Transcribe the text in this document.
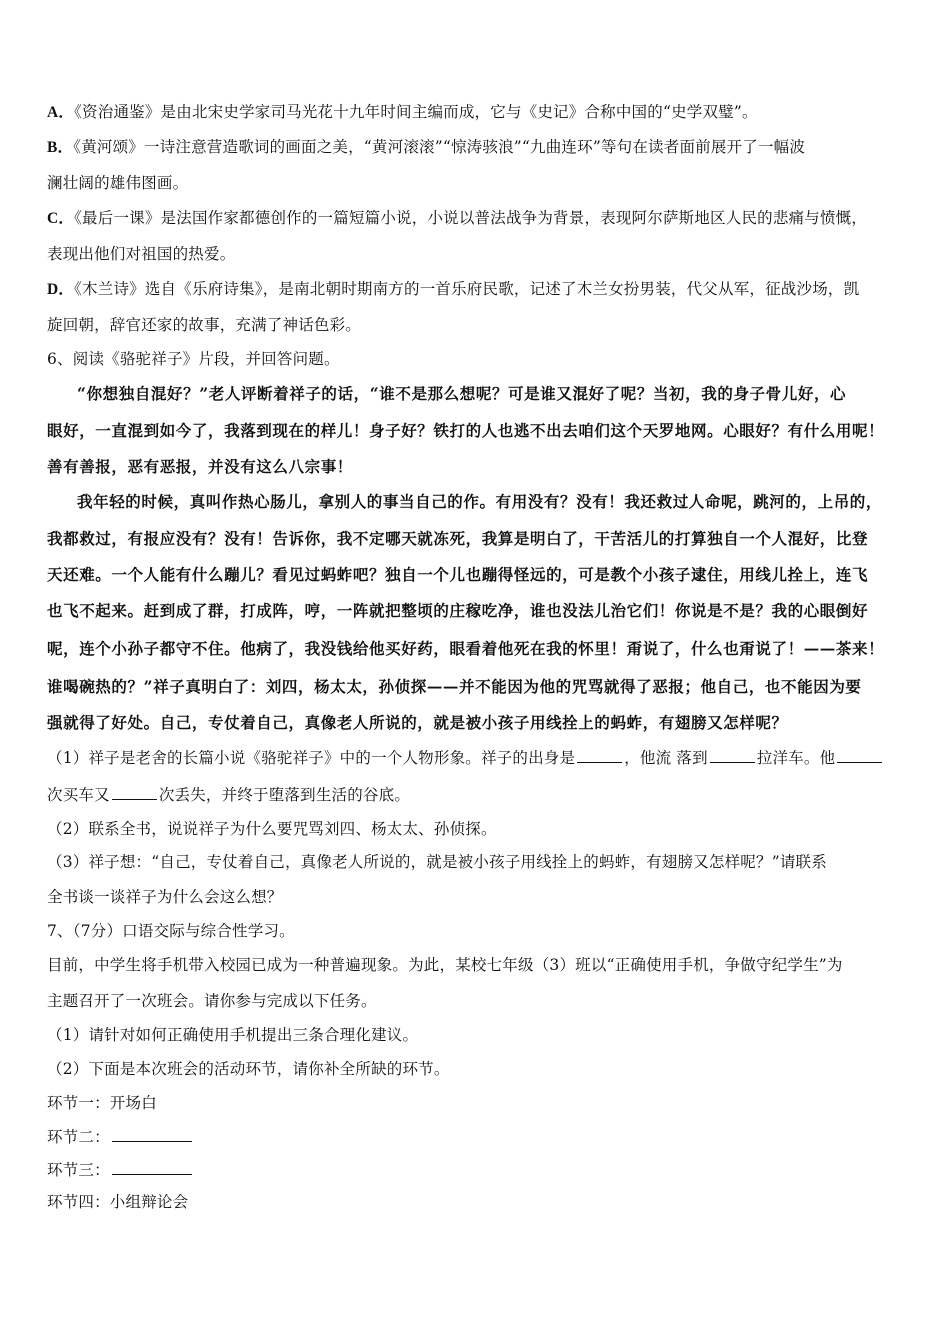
A．《资治通鉴》是由北宋史学家司马光花十九年时间主编而成，它与《史记》合称中国的“史学双璧”。
B．《黄河颂》一诗注意营造歌词的画面之美，“黄河滚滚”“惊涛骇浪”“九曲连环”等句在读者面前展开了一幅波
澜壮阔的雄伟图画。
C．《最后一课》是法国作家都德创作的一篇短篇小说，小说以普法战争为背景，表现阿尔萨斯地区人民的悲痛与愤慨，
表现出他们对祖国的热爱。
D．《木兰诗》选自《乐府诗集》，是南北朝时期南方的一首乐府民歌，记述了木兰女扮男装，代父从军，征战沙场，凯
旋回朝，辞官还家的故事，充满了神话色彩。
6、阅读《骆驼祥子》片段，并回答问题。
“你想独自混好？”老人评断着祥子的话，“谁不是那么想呢？可是谁又混好了呢？当初，我的身子骨儿好，心
眼好，一直混到如今了，我落到现在的样儿！身子好？铁打的人也逃不出去咱们这个天罗地网。心眼好？有什么用呢！
善有善报，恶有恶报，并没有这么八宗事！
我年轻的时候，真叫作热心肠儿，拿别人的事当自己的作。有用没有？没有！我还救过人命呢，跳河的，上吊的，
我都救过，有报应没有？没有！告诉你，我不定哪天就冻死，我算是明白了，干苦活儿的打算独自一个人混好，比登
天还难。一个人能有什么蹦儿？看见过蚂蚱吧？独自一个儿也蹦得怪远的，可是教个小孩子逮住，用线儿拴上，连飞
也飞不起来。赶到成了群，打成阵，哼，一阵就把整顷的庄稼吃净，谁也没法儿治它们！你说是不是？我的心眼倒好
呢，连个小孙子都守不住。他病了，我没钱给他买好药，眼看着他死在我的怀里！甭说了，什么也甭说了！——茶来！
谁喝碗热的？”祥子真明白了：刘四，杨太太，孙侦探——并不能因为他的咒骂就得了恶报；他自己，也不能因为要
强就得了好处。自己，专仗着自己，真像老人所说的，就是被小孩子用线拴上的蚂蚱，有翅膀又怎样呢？
（1）祥子是老舍的长篇小说《骆驼祥子》中的一个人物形象。祥子的出身是	，他流 落到	拉洋车。他
次买车又	次丢失，并终于堕落到生活的谷底。
（2）联系全书，说说祥子为什么要咒骂刘四、杨太太、孙侦探。
（3）祥子想：“自己，专仗着自己，真像老人所说的，就是被小孩子用线拴上的蚂蚱，有翅膀又怎样呢？”请联系
全书谈一谈祥子为什么会这么想？
7、（7分）口语交际与综合性学习。
目前，中学生将手机带入校园已成为一种普遍现象。为此，某校七年级（3）班以“正确使用手机，争做守纪学生”为
主题召开了一次班会。请你参与完成以下任务。
（1）请针对如何正确使用手机提出三条合理化建议。
（2）下面是本次班会的活动环节，请你补全所缺的环节。
环节一：开场白
环节二：
环节三：
环节四：小组辩论会
